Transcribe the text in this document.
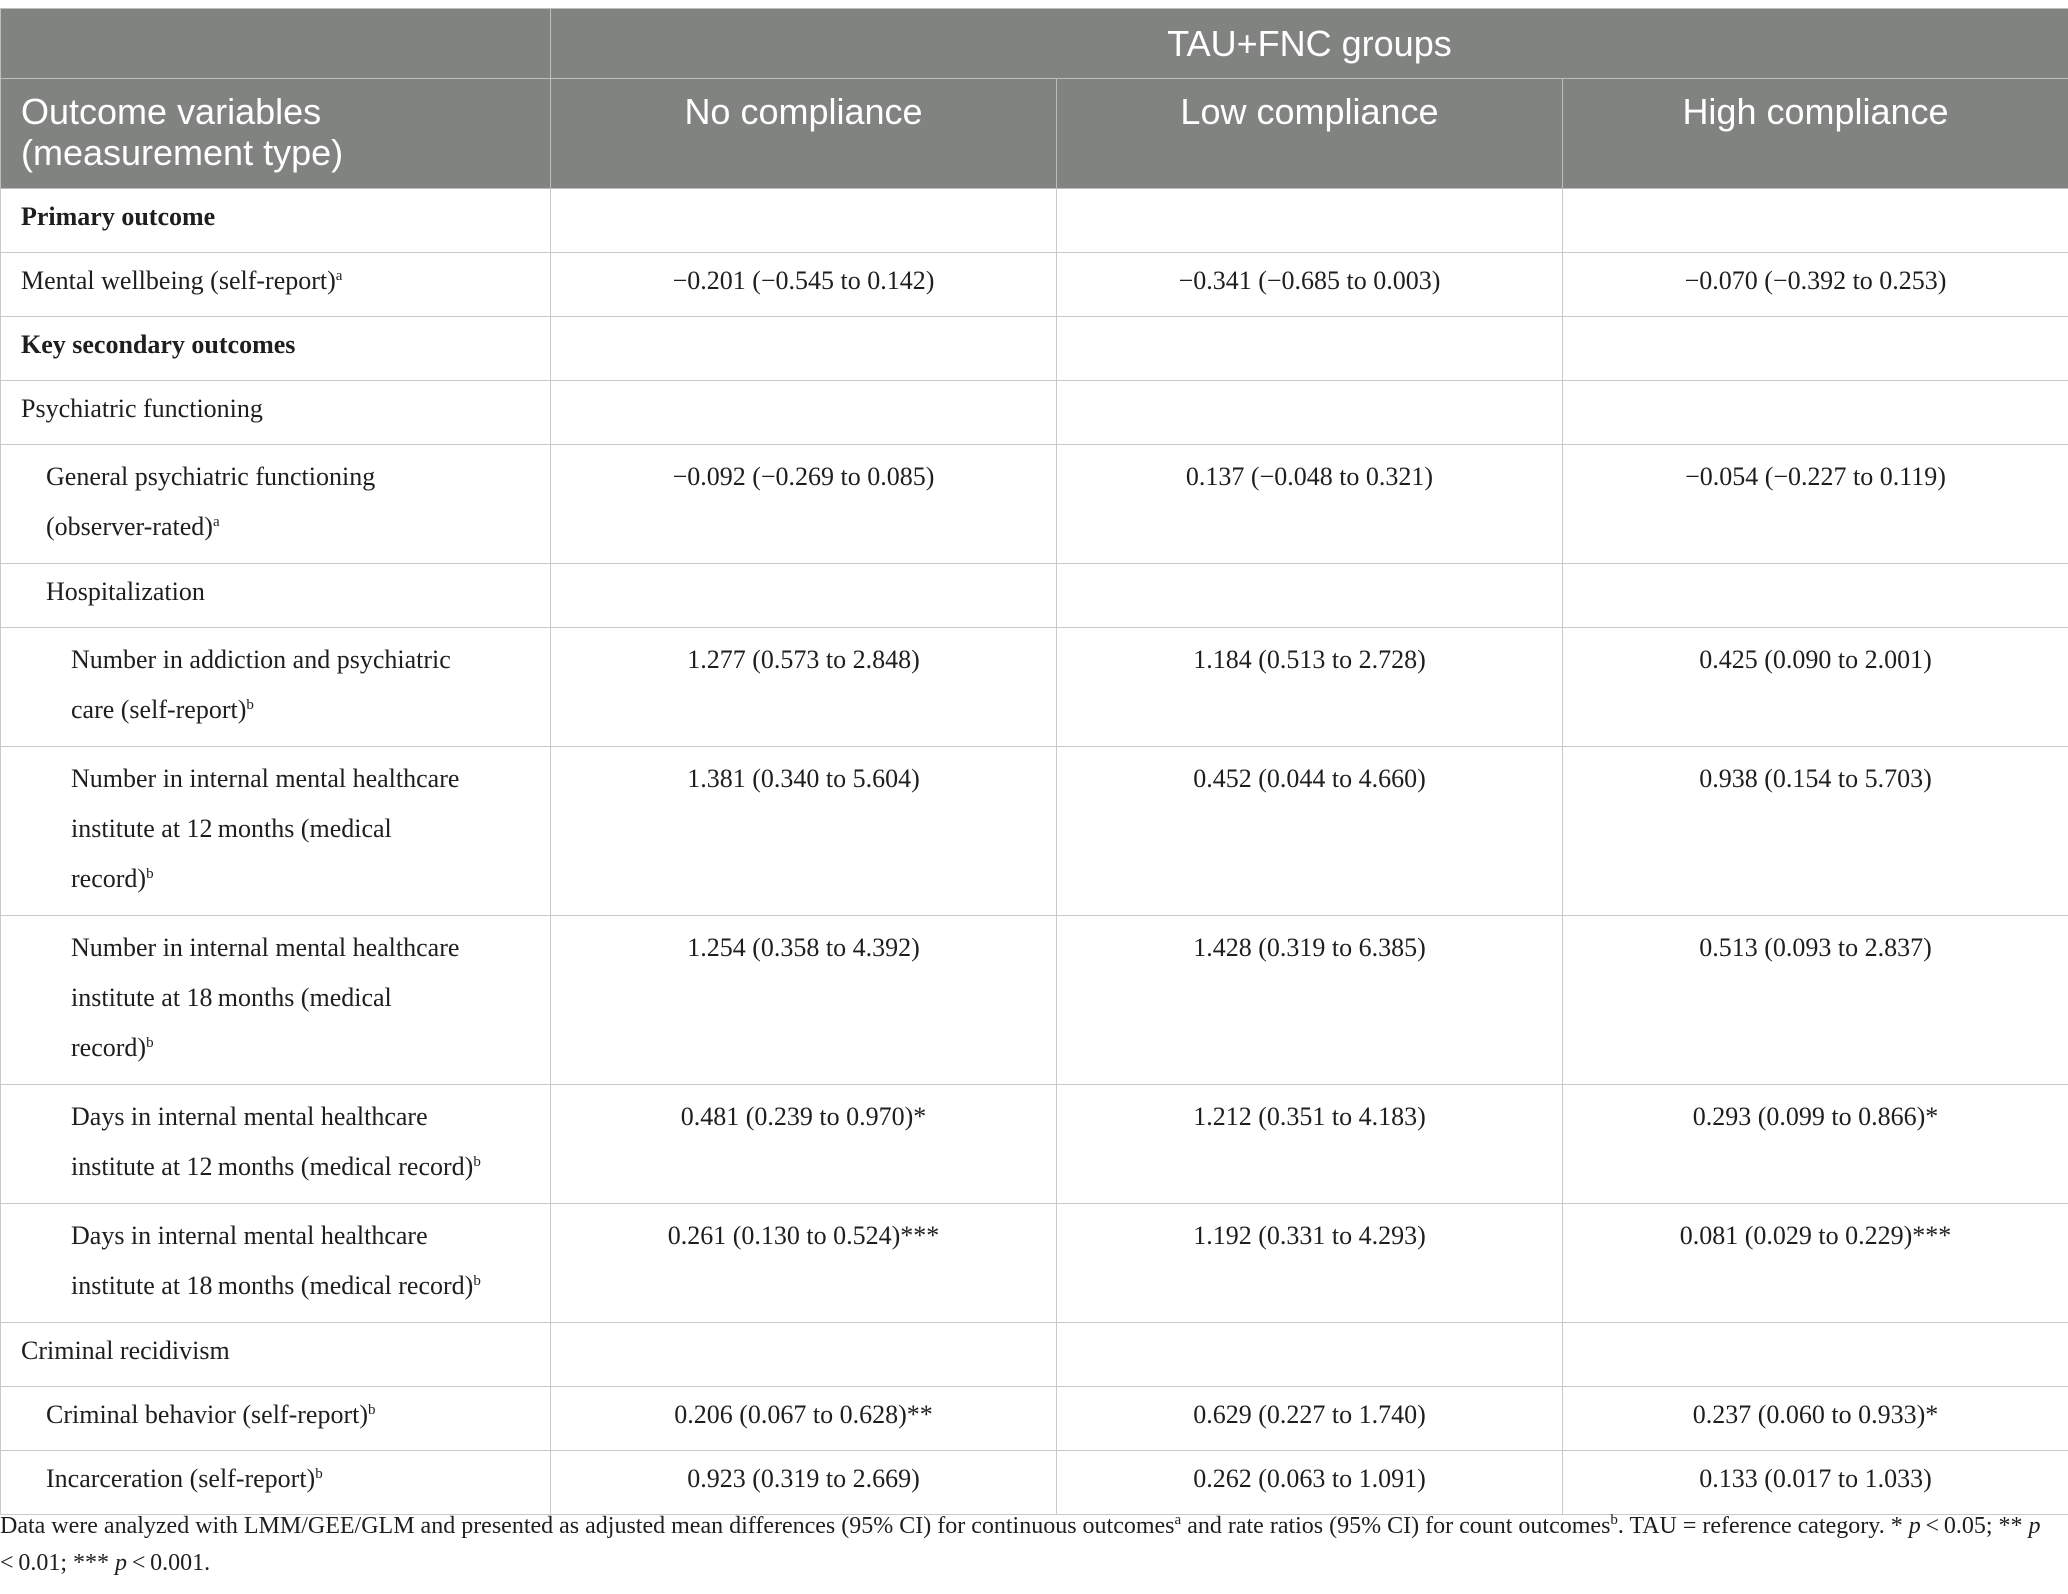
	TAU+FNC groups		
Outcome variables
(measurement type)	No compliance	Low compliance	High compliance
Primary outcome			
Mental wellbeing (self-report)$^a$	−0.201 (−0.545 to 0.142)	−0.341 (−0.685 to 0.003)	−0.070 (−0.392 to 0.253)
Key secondary outcomes			
Psychiatric functioning			
General psychiatric functioning
(observer-rated)$^a$	−0.092 (−0.269 to 0.085)	0.137 (−0.048 to 0.321)	−0.054 (−0.227 to 0.119)
Hospitalization			
Number in addiction and psychiatric
care (self-report)$^b$	1.277 (0.573 to 2.848)	1.184 (0.513 to 2.728)	0.425 (0.090 to 2.001)
Number in internal mental healthcare
institute at 12 months (medical
record)$^b$	1.381 (0.340 to 5.604)	0.452 (0.044 to 4.660)	0.938 (0.154 to 5.703)
Number in internal mental healthcare
institute at 18 months (medical
record)$^b$	1.254 (0.358 to 4.392)	1.428 (0.319 to 6.385)	0.513 (0.093 to 2.837)
Days in internal mental healthcare
institute at 12 months (medical record)$^b$	0.481 (0.239 to 0.970)*	1.212 (0.351 to 4.183)	0.293 (0.099 to 0.866)*
Days in internal mental healthcare
institute at 18 months (medical record)$^b$	0.261 (0.130 to 0.524)***	1.192 (0.331 to 4.293)	0.081 (0.029 to 0.229)***
Criminal recidivism			
Criminal behavior (self-report)$^b$	0.206 (0.067 to 0.628)**	0.629 (0.227 to 1.740)	0.237 (0.060 to 0.933)*
Incarceration (self-report)$^b$	0.923 (0.319 to 2.669)	0.262 (0.063 to 1.091)	0.133 (0.017 to 1.033)
Data were analyzed with LMM/GEE/GLM and presented as adjusted mean differences (95% CI) for continuous outcomes$^a$ and rate ratios (95% CI) for count outcomes$^b$. TAU = reference category. * p < 0.05; ** p < 0.01; *** p < 0.001.
